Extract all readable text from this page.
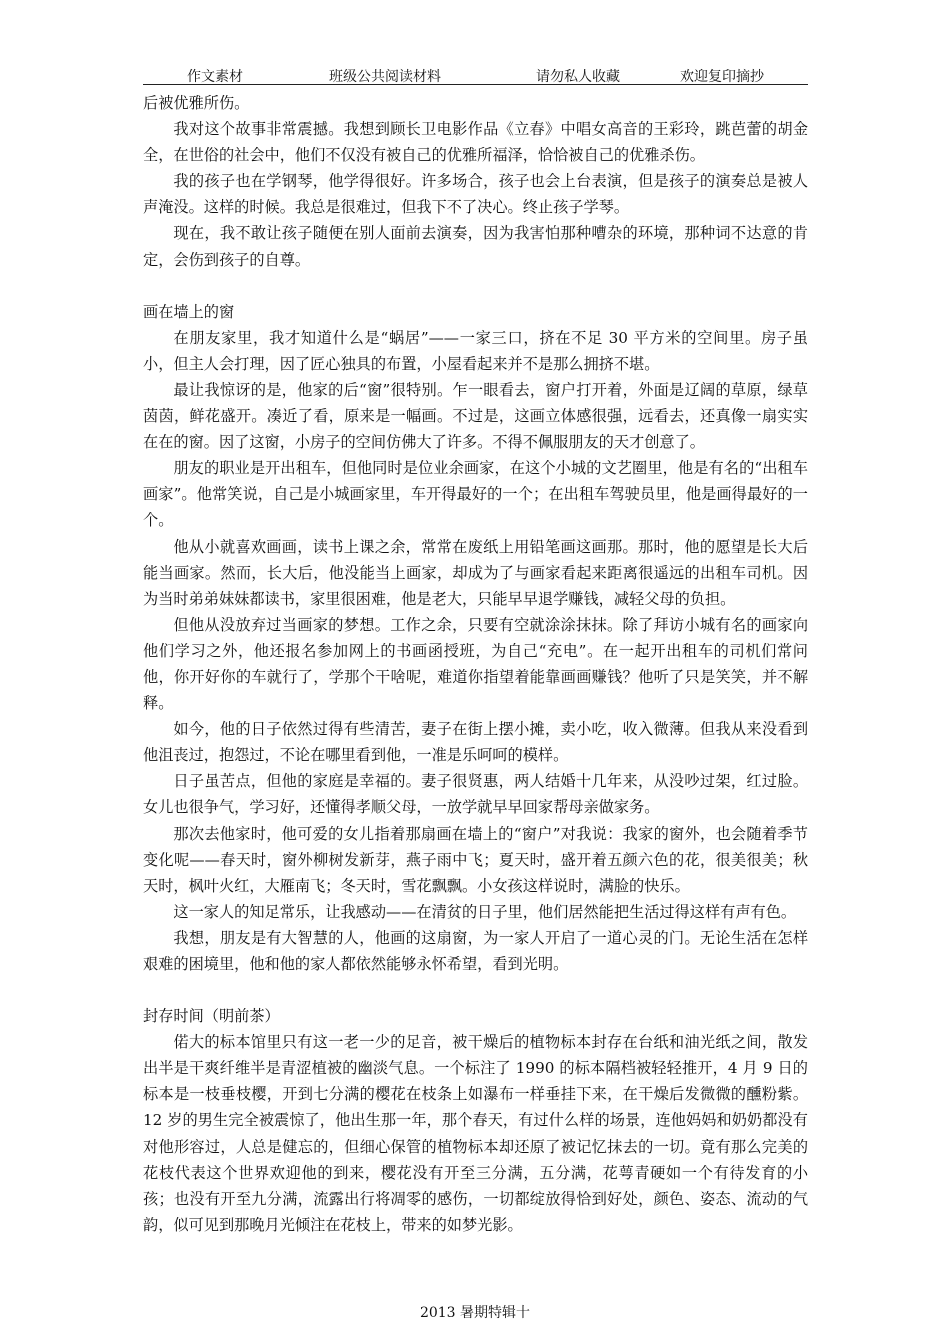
作文素材	班级公共阅读材料	请勿私人收藏	欢迎复印摘抄

后被优雅所伤。

我对这个故事非常震撼。我想到顾长卫电影作品《立春》中唱女高音的王彩玲，跳芭蕾的胡金全，在世俗的社会中，他们不仅没有被自己的优雅所福泽，恰恰被自己的优雅杀伤。

我的孩子也在学钢琴，他学得很好。许多场合，孩子也会上台表演，但是孩子的演奏总是被人声淹没。这样的时候。我总是很难过，但我下不了决心。终止孩子学琴。

现在，我不敢让孩子随便在别人面前去演奏，因为我害怕那种嘈杂的环境，那种词不达意的肯定，会伤到孩子的自尊。

画在墙上的窗

在朋友家里，我才知道什么是“蜗居”——一家三口，挤在不足 30 平方米的空间里。房子虽小，但主人会打理，因了匠心独具的布置，小屋看起来并不是那么拥挤不堪。

最让我惊讶的是，他家的后“窗”很特别。乍一眼看去，窗户打开着，外面是辽阔的草原，绿草茵茵，鲜花盛开。凑近了看，原来是一幅画。不过是，这画立体感很强，远看去，还真像一扇实实在在的窗。因了这窗，小房子的空间仿佛大了许多。不得不佩服朋友的天才创意了。

朋友的职业是开出租车，但他同时是位业余画家，在这个小城的文艺圈里，他是有名的“出租车画家”。他常笑说，自己是小城画家里，车开得最好的一个；在出租车驾驶员里，他是画得最好的一个。

他从小就喜欢画画，读书上课之余，常常在废纸上用铅笔画这画那。那时，他的愿望是长大后能当画家。然而，长大后，他没能当上画家，却成为了与画家看起来距离很遥远的出租车司机。因为当时弟弟妹妹都读书，家里很困难，他是老大，只能早早退学赚钱，减轻父母的负担。

但他从没放弃过当画家的梦想。工作之余，只要有空就涂涂抹抹。除了拜访小城有名的画家向他们学习之外，他还报名参加网上的书画函授班，为自己“充电”。在一起开出租车的司机们常问他，你开好你的车就行了，学那个干啥呢，难道你指望着能靠画画赚钱？他听了只是笑笑，并不解释。

如今，他的日子依然过得有些清苦，妻子在街上摆小摊，卖小吃，收入微薄。但我从来没看到他沮丧过，抱怨过，不论在哪里看到他，一准是乐呵呵的模样。

日子虽苦点，但他的家庭是幸福的。妻子很贤惠，两人结婚十几年来，从没吵过架，红过脸。女儿也很争气，学习好，还懂得孝顺父母，一放学就早早回家帮母亲做家务。

那次去他家时，他可爱的女儿指着那扇画在墙上的“窗户”对我说：我家的窗外，也会随着季节变化呢——春天时，窗外柳树发新芽，燕子雨中飞；夏天时，盛开着五颜六色的花，很美很美；秋天时，枫叶火红，大雁南飞；冬天时，雪花飘飘。小女孩这样说时，满脸的快乐。

这一家人的知足常乐，让我感动——在清贫的日子里，他们居然能把生活过得这样有声有色。

我想，朋友是有大智慧的人，他画的这扇窗，为一家人开启了一道心灵的门。无论生活在怎样艰难的困境里，他和他的家人都依然能够永怀希望，看到光明。

封存时间（明前茶）

偌大的标本馆里只有这一老一少的足音，被干燥后的植物标本封存在台纸和油光纸之间，散发出半是干爽纤维半是青涩植被的幽淡气息。一个标注了 1990 的标本隔档被轻轻推开，4 月 9 日的标本是一枝垂枝樱，开到七分满的樱花在枝条上如瀑布一样垂挂下来，在干燥后发微微的醺粉紫。12 岁的男生完全被震惊了，他出生那一年，那个春天，有过什么样的场景，连他妈妈和奶奶都没有对他形容过，人总是健忘的，但细心保管的植物标本却还原了被记忆抹去的一切。竟有那么完美的花枝代表这个世界欢迎他的到来，樱花没有开至三分满，五分满，花萼青硬如一个有待发育的小孩；也没有开至九分满，流露出行将凋零的感伤，一切都绽放得恰到好处，颜色、姿态、流动的气韵，似可见到那晚月光倾注在花枝上，带来的如梦光影。

2013 暑期特辑十
